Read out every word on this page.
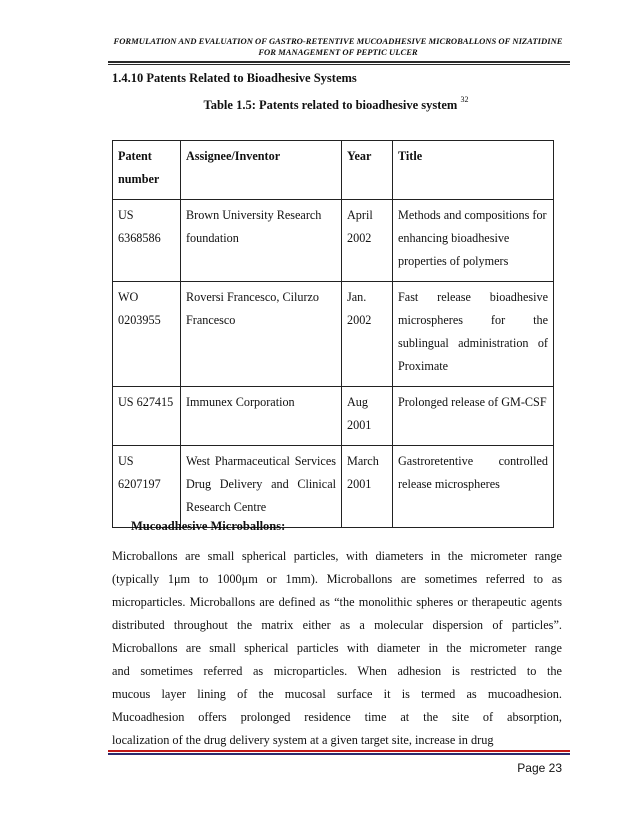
FORMULATION AND EVALUATION OF GASTRO-RETENTIVE MUCOADHESIVE MICROBALLONS OF NIZATIDINE
FOR MANAGEMENT OF PEPTIC ULCER
1.4.10 Patents Related to Bioadhesive Systems
Table 1.5: Patents related to bioadhesive system $^{32}$
Patent number	Assignee/Inventor	Year	Title
US 6368586	Brown University Research foundation	April 2002	Methods and compositions for enhancing bioadhesive properties of polymers
WO 0203955	Roversi Francesco, Cilurzo Francesco	Jan. 2002	Fast release bioadhesive microspheres for the sublingual administration of Proximate
US 627415	Immunex Corporation	Aug 2001	Prolonged release of GM-CSF
US 6207197	West Pharmaceutical Services Drug Delivery and Clinical Research Centre	March 2001	Gastroretentive controlled release microspheres
Mucoadhesive Microballons:
Microballons are small spherical particles, with diameters in the micrometer range
(typically 1μm to 1000μm or 1mm). Microballons are sometimes referred to as
microparticles. Microballons are defined as “the monolithic spheres or therapeutic agents
distributed throughout the matrix either as a molecular dispersion of particles”.
Microballons are small spherical particles with diameter in the micrometer range
and sometimes referred as microparticles. When adhesion is restricted to the
mucous layer lining of the mucosal surface it is termed as mucoadhesion.
Mucoadhesion offers prolonged residence time at the site of absorption,
localization of the drug delivery system at a given target site, increase in drug
Page 23
